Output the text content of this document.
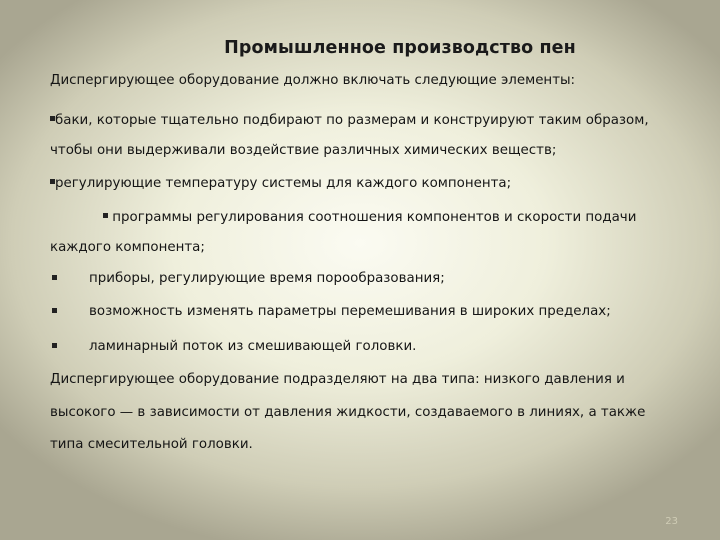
Промышленное производство пен
Диспергирующее оборудование должно включать следующие элементы:
баки, которые тщательно подбирают по размерам и конструируют таким образом,
чтобы они выдерживали воздействие различных химических веществ;
регулирующие температуру системы для каждого компонента;
программы регулирования соотношения компонентов и скорости подачи
каждого компонента;
приборы, регулирующие время порообразования;
возможность изменять параметры перемешивания в широких пределах;
ламинарный поток из смешивающей головки.
Диспергирующее оборудование подразделяют на два типа: низкого давления и
высокого — в зависимости от давления жидкости, создаваемого в линиях, а также
типа смесительной головки.
23
